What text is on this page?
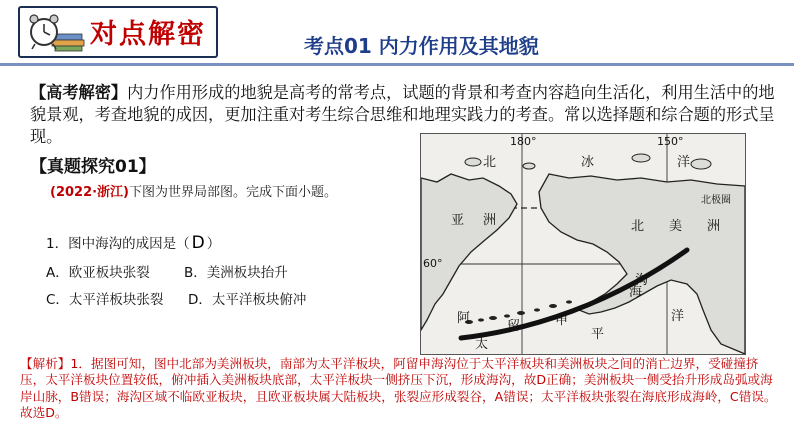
对点解密	考点01 内力作用及其地貌
【高考解密】内力作用形成的地貌是高考的常考点，试题的背景和考查内容趋向生活化，利用生活中的地貌景观，考查地貌的成因，更加注重对考生综合思维和地理实践力的考查。常以选择题和综合题的形式呈现。
【真题探究01】
(2022·浙江)下图为世界局部图。完成下面小题。
1．图中海沟的成因是（ D ）
A．欧亚板块张裂	B．美洲板块抬升
C．太平洋板块张裂 D．太平洋板块俯冲
180°	150°
60°
北极圈
北	冰	洋
亚 洲	北 美 洲
阿
留	申
海
沟
太
平
洋
【解析】1．据图可知，图中北部为美洲板块，南部为太平洋板块，阿留申海沟位于太平洋板块和美洲板块之间的消亡边界，受碰撞挤压，太平洋板块位置较低，俯冲插入美洲板块底部，太平洋板块一侧挤压下沉，形成海沟，故D正确；美洲板块一侧受抬升形成岛弧或海岸山脉，B错误；海沟区域不临欧亚板块，且欧亚板块属大陆板块，张裂应形成裂谷，A错误；太平洋板块张裂在海底形成海岭，C错误。故选D。
